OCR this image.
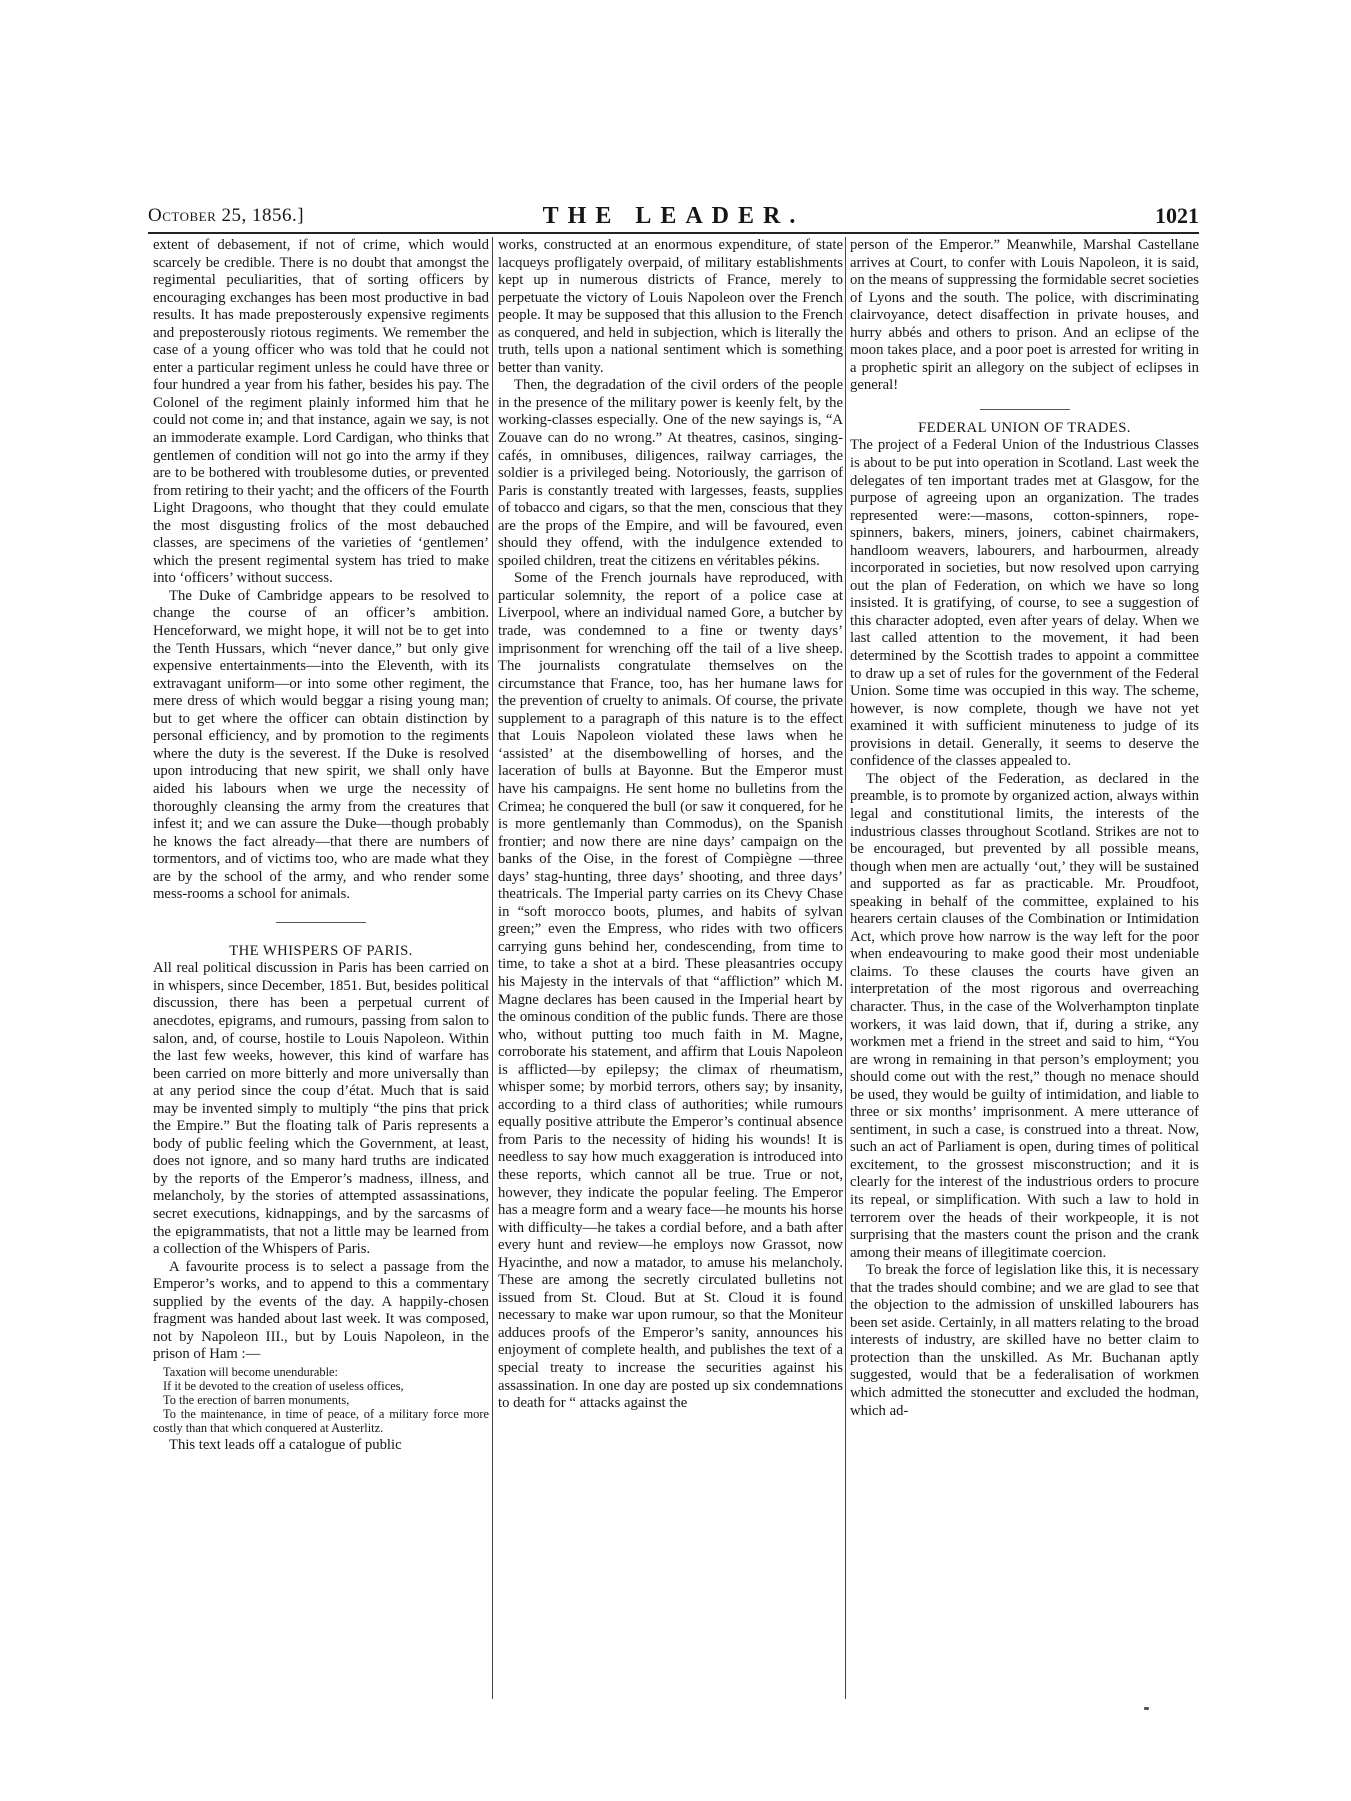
October 25, 1856.]	THE LEADER.	1021

extent of debasement, if not of crime, which would scarcely be credible. There is no doubt that amongst the regimental peculiarities, that of sorting officers by encouraging exchanges has been most productive in bad results. It has made preposterously expensive regiments and preposterously riotous regiments. We remember the case of a young officer who was told that he could not enter a particular regiment unless he could have three or four hundred a year from his father, besides his pay. The Colonel of the regiment plainly informed him that he could not come in; and that instance, again we say, is not an immoderate example. Lord Cardigan, who thinks that gentlemen of condition will not go into the army if they are to be bothered with troublesome duties, or prevented from retiring to their yacht; and the officers of the Fourth Light Dragoons, who thought that they could emulate the most disgusting frolics of the most debauched classes, are specimens of the varieties of ‘gentlemen’ which the present regimental system has tried to make into ‘officers’ without success.

The Duke of Cambridge appears to be resolved to change the course of an officer’s ambition. Henceforward, we might hope, it will not be to get into the Tenth Hussars, which “never dance,” but only give expensive entertainments—into the Eleventh, with its extravagant uniform—or into some other regiment, the mere dress of which would beggar a rising young man; but to get where the officer can obtain distinction by personal efficiency, and by promotion to the regiments where the duty is the severest. If the Duke is resolved upon introducing that new spirit, we shall only have aided his labours when we urge the necessity of thoroughly cleansing the army from the creatures that infest it; and we can assure the Duke—though probably he knows the fact already—that there are numbers of tormentors, and of victims too, who are made what they are by the school of the army, and who render some mess-rooms a school for animals.

THE WHISPERS OF PARIS.

All real political discussion in Paris has been carried on in whispers, since December, 1851. But, besides political discussion, there has been a perpetual current of anecdotes, epigrams, and rumours, passing from salon to salon, and, of course, hostile to Louis Napoleon. Within the last few weeks, however, this kind of warfare has been carried on more bitterly and more universally than at any period since the coup d’état. Much that is said may be invented simply to multiply “the pins that prick the Empire.” But the floating talk of Paris represents a body of public feeling which the Government, at least, does not ignore, and so many hard truths are indicated by the reports of the Emperor’s madness, illness, and melancholy, by the stories of attempted assassinations, secret executions, kidnappings, and by the sarcasms of the epigrammatists, that not a little may be learned from a collection of the Whispers of Paris.

A favourite process is to select a passage from the Emperor’s works, and to append to this a commentary supplied by the events of the day. A happily-chosen fragment was handed about last week. It was composed, not by Napoleon III., but by Louis Napoleon, in the prison of Ham :—

Taxation will become unendurable:

If it be devoted to the creation of useless offices,

To the erection of barren monuments,

To the maintenance, in time of peace, of a military force more costly than that which conquered at Austerlitz.

This text leads off a catalogue of public

works, constructed at an enormous expenditure, of state lacqueys profligately overpaid, of military establishments kept up in numerous districts of France, merely to perpetuate the victory of Louis Napoleon over the French people. It may be supposed that this allusion to the French as conquered, and held in subjection, which is literally the truth, tells upon a national sentiment which is something better than vanity.

Then, the degradation of the civil orders of the people in the presence of the military power is keenly felt, by the working-classes especially. One of the new sayings is, “A Zouave can do no wrong.” At theatres, casinos, singing-cafés, in omnibuses, diligences, railway carriages, the soldier is a privileged being. Notoriously, the garrison of Paris is constantly treated with largesses, feasts, supplies of tobacco and cigars, so that the men, conscious that they are the props of the Empire, and will be favoured, even should they offend, with the indulgence extended to spoiled children, treat the citizens en véritables pékins.

Some of the French journals have reproduced, with particular solemnity, the report of a police case at Liverpool, where an individual named Gore, a butcher by trade, was condemned to a fine or twenty days’ imprisonment for wrenching off the tail of a live sheep. The journalists congratulate themselves on the circumstance that France, too, has her humane laws for the prevention of cruelty to animals. Of course, the private supplement to a paragraph of this nature is to the effect that Louis Napoleon violated these laws when he ‘assisted’ at the disembowelling of horses, and the laceration of bulls at Bayonne. But the Emperor must have his campaigns. He sent home no bulletins from the Crimea; he conquered the bull (or saw it conquered, for he is more gentlemanly than Commodus), on the Spanish frontier; and now there are nine days’ campaign on the banks of the Oise, in the forest of Compiègne —three days’ stag-hunting, three days’ shooting, and three days’ theatricals. The Imperial party carries on its Chevy Chase in “soft morocco boots, plumes, and habits of sylvan green;” even the Empress, who rides with two officers carrying guns behind her, condescending, from time to time, to take a shot at a bird. These pleasantries occupy his Majesty in the intervals of that “affliction” which M. Magne declares has been caused in the Imperial heart by the ominous condition of the public funds. There are those who, without putting too much faith in M. Magne, corroborate his statement, and affirm that Louis Napoleon is afflicted—by epilepsy; the climax of rheumatism, whisper some; by morbid terrors, others say; by insanity, according to a third class of authorities; while rumours equally positive attribute the Emperor’s continual absence from Paris to the necessity of hiding his wounds! It is needless to say how much exaggeration is introduced into these reports, which cannot all be true. True or not, however, they indicate the popular feeling. The Emperor has a meagre form and a weary face—he mounts his horse with difficulty—he takes a cordial before, and a bath after every hunt and review—he employs now Grassot, now Hyacinthe, and now a matador, to amuse his melancholy. These are among the secretly circulated bulletins not issued from St. Cloud. But at St. Cloud it is found necessary to make war upon rumour, so that the Moniteur adduces proofs of the Emperor’s sanity, announces his enjoyment of complete health, and publishes the text of a special treaty to increase the securities against his assassination. In one day are posted up six condemnations to death for “ attacks against the

person of the Emperor.” Meanwhile, Marshal Castellane arrives at Court, to confer with Louis Napoleon, it is said, on the means of suppressing the formidable secret societies of Lyons and the south. The police, with discriminating clairvoyance, detect disaffection in private houses, and hurry abbés and others to prison. And an eclipse of the moon takes place, and a poor poet is arrested for writing in a prophetic spirit an allegory on the subject of eclipses in general!

FEDERAL UNION OF TRADES.

The project of a Federal Union of the Industrious Classes is about to be put into operation in Scotland. Last week the delegates of ten important trades met at Glasgow, for the purpose of agreeing upon an organization. The trades represented were:—masons, cotton-spinners, rope-spinners, bakers, miners, joiners, cabinet chairmakers, handloom weavers, labourers, and harbourmen, already incorporated in societies, but now resolved upon carrying out the plan of Federation, on which we have so long insisted. It is gratifying, of course, to see a suggestion of this character adopted, even after years of delay. When we last called attention to the movement, it had been determined by the Scottish trades to appoint a committee to draw up a set of rules for the government of the Federal Union. Some time was occupied in this way. The scheme, however, is now complete, though we have not yet examined it with sufficient minuteness to judge of its provisions in detail. Generally, it seems to deserve the confidence of the classes appealed to.

The object of the Federation, as declared in the preamble, is to promote by organized action, always within legal and constitutional limits, the interests of the industrious classes throughout Scotland. Strikes are not to be encouraged, but prevented by all possible means, though when men are actually ‘out,’ they will be sustained and supported as far as practicable. Mr. Proudfoot, speaking in behalf of the committee, explained to his hearers certain clauses of the Combination or Intimidation Act, which prove how narrow is the way left for the poor when endeavouring to make good their most undeniable claims. To these clauses the courts have given an interpretation of the most rigorous and overreaching character. Thus, in the case of the Wolverhampton tinplate workers, it was laid down, that if, during a strike, any workmen met a friend in the street and said to him, “You are wrong in remaining in that person’s employment; you should come out with the rest,” though no menace should be used, they would be guilty of intimidation, and liable to three or six months’ imprisonment. A mere utterance of sentiment, in such a case, is construed into a threat. Now, such an act of Parliament is open, during times of political excitement, to the grossest misconstruction; and it is clearly for the interest of the industrious orders to procure its repeal, or simplification. With such a law to hold in terrorem over the heads of their workpeople, it is not surprising that the masters count the prison and the crank among their means of illegitimate coercion.

To break the force of legislation like this, it is necessary that the trades should combine; and we are glad to see that the objection to the admission of unskilled labourers has been set aside. Certainly, in all matters relating to the broad interests of industry, are skilled have no better claim to protection than the unskilled. As Mr. Buchanan aptly suggested, would that be a federalisation of workmen which admitted the stonecutter and excluded the hodman, which ad-
